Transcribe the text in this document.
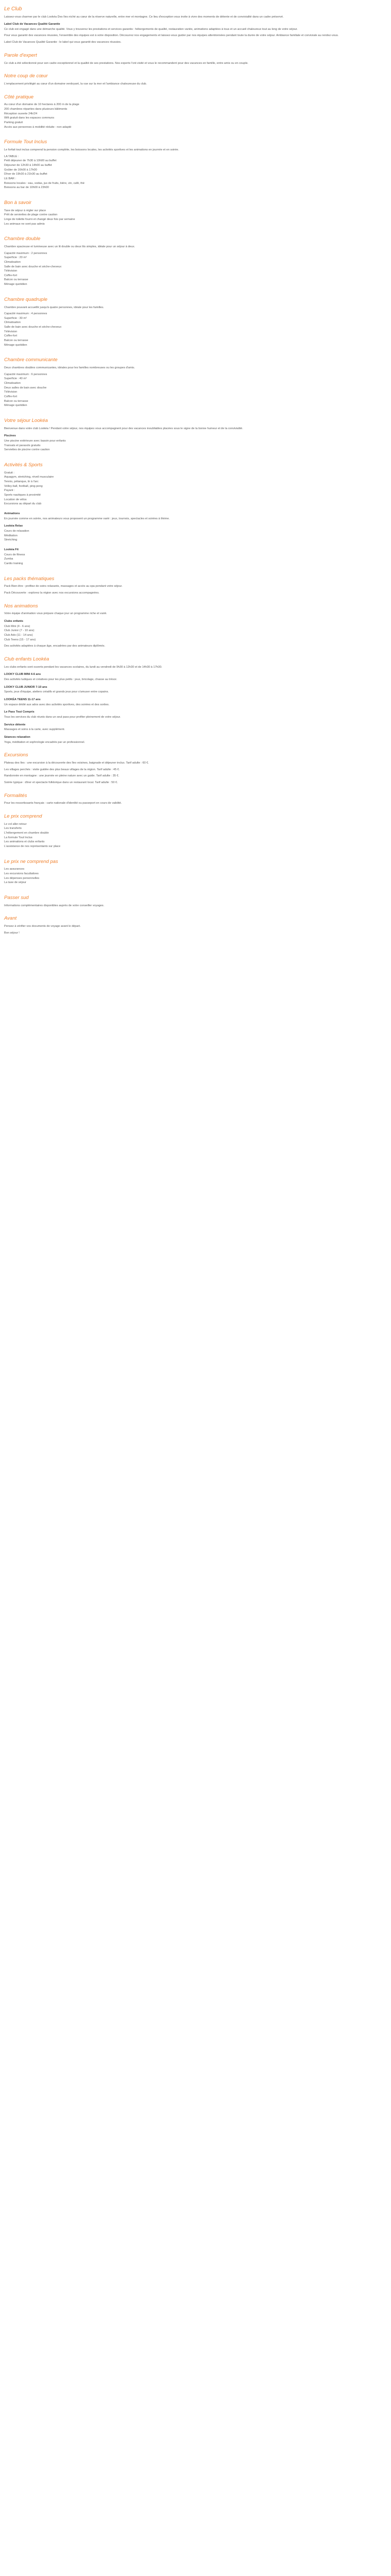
Le Club

Laissez-vous charmer par le club Lookéa Des Iles niché au cœur de la réserve naturelle, entre mer et montagne. Ce lieu d'exception vous invite à vivre des moments de détente et de convivialité dans un cadre préservé.

Label Club de Vacances Qualité Garantie

Ce club est engagé dans une démarche qualité. Vous y trouverez les prestations et services garantis : hébergements de qualité, restauration variée, animations adaptées à tous et un accueil chaleureux tout au long de votre séjour.

Pour vous garantir des vacances réussies, l'ensemble des équipes est à votre disposition. Découvrez nos engagements et laissez-vous guider par nos équipes attentionnées pendant toute la durée de votre séjour. Ambiance familiale et conviviale au rendez-vous.

Label Club de Vacances Qualité Garantie : le label qui vous garantit des vacances réussies.

Parole d'expert

Ce club a été sélectionné pour son cadre exceptionnel et la qualité de ses prestations. Nos experts l'ont visité et vous le recommandent pour des vacances en famille, entre amis ou en couple.

Notre coup de cœur

L'emplacement privilégié au cœur d'un domaine verdoyant, la vue sur la mer et l'ambiance chaleureuse du club.

Côté pratique

Au cœur d'un domaine de 10 hectares à 200 m de la plage

200 chambres réparties dans plusieurs bâtiments

Réception ouverte 24h/24

Wifi gratuit dans les espaces communs

Parking gratuit

Accès aux personnes à mobilité réduite : non adapté

Formule Tout Inclus

Le forfait tout inclus comprend la pension complète, les boissons locales, les activités sportives et les animations en journée et en soirée.

LA TABLE :

Petit déjeuner de 7h30 à 10h00 au buffet

Déjeuner de 12h30 à 14h00 au buffet

Goûter de 16h00 à 17h00

Dîner de 19h30 à 21h30 au buffet

LE BAR :

Boissons locales : eau, sodas, jus de fruits, bière, vin, café, thé

Boissons au bar de 10h00 à 23h00

Bon à savoir

Taxe de séjour à régler sur place

Prêt de serviettes de plage contre caution

Linge de toilette fourni et changé deux fois par semaine

Les animaux ne sont pas admis

Chambre double

Chambre spacieuse et lumineuse avec un lit double ou deux lits simples, idéale pour un séjour à deux.

Capacité maximum : 2 personnes

Superficie : 20 m²

Climatisation

Salle de bain avec douche et sèche-cheveux

Télévision

Coffre-fort

Balcon ou terrasse

Ménage quotidien

Chambre quadruple

Chambre pouvant accueillir jusqu'à quatre personnes, idéale pour les familles.

Capacité maximum : 4 personnes

Superficie : 30 m²

Climatisation

Salle de bain avec douche et sèche-cheveux

Télévision

Coffre-fort

Balcon ou terrasse

Ménage quotidien

Chambre communicante

Deux chambres doubles communicantes, idéales pour les familles nombreuses ou les groupes d'amis.

Capacité maximum : 6 personnes

Superficie : 40 m²

Climatisation

Deux salles de bain avec douche

Télévision

Coffre-fort

Balcon ou terrasse

Ménage quotidien

Votre séjour Lookéa

Bienvenue dans votre club Lookéa ! Pendant votre séjour, nos équipes vous accompagnent pour des vacances inoubliables placées sous le signe de la bonne humeur et de la convivialité.

Piscines

Une piscine extérieure avec bassin pour enfants

Transats et parasols gratuits

Serviettes de piscine contre caution

Activités & Sports

Gratuit :

Aquagym, stretching, réveil musculaire

Tennis, pétanque, tir à l'arc

Volley-ball, football, ping-pong

Payant :

Sports nautiques à proximité

Location de vélos

Excursions au départ du club

Animations

En journée comme en soirée, nos animateurs vous proposent un programme varié : jeux, tournois, spectacles et soirées à thème.

Lookéa Relax

Cours de relaxation

Méditation

Stretching

Lookéa Fit

Cours de fitness

Zumba

Cardio training

Les packs thématiques

Pack Bien-être : profitez de soins relaxants, massages et accès au spa pendant votre séjour.

Pack Découverte : explorez la région avec nos excursions accompagnées.

Nos animations

Votre équipe d'animation vous prépare chaque jour un programme riche et varié.

Clubs enfants

Club Mini (4 - 6 ans)

Club Junior (7 - 10 ans)

Club Ado (11 - 14 ans)

Club Teens (15 - 17 ans)

Des activités adaptées à chaque âge, encadrées par des animateurs diplômés.

Club enfants Lookéa

Les clubs enfants sont ouverts pendant les vacances scolaires, du lundi au vendredi de 9h30 à 12h30 et de 14h30 à 17h30.

LOOKY CLUB MINI 4-6 ans

Des activités ludiques et créatives pour les plus petits : jeux, bricolage, chasse au trésor.

LOOKY CLUB JUNIOR 7-10 ans

Sports, jeux d'équipe, ateliers créatifs et grands jeux pour s'amuser entre copains.

LOOKÉA TEENS 11-17 ans

Un espace dédié aux ados avec des activités sportives, des soirées et des sorties.

Le Pass Tout Compris

Tous les services du club réunis dans un seul pass pour profiter pleinement de votre séjour.

Service détente

Massages et soins à la carte, avec supplément.

Séances relaxation

Yoga, méditation et sophrologie encadrés par un professionnel.

Excursions

Plateau des Iles : une excursion à la découverte des îles voisines, baignade et déjeuner inclus. Tarif adulte : 60 €.

Les villages perchés : visite guidée des plus beaux villages de la région. Tarif adulte : 45 €.

Randonnée en montagne : une journée en pleine nature avec un guide. Tarif adulte : 35 €.

Soirée typique : dîner et spectacle folklorique dans un restaurant local. Tarif adulte : 50 €.

Formalités

Pour les ressortissants français : carte nationale d'identité ou passeport en cours de validité.

Le prix comprend

Le vol aller-retour

Les transferts

L'hébergement en chambre double

La formule Tout Inclus

Les animations et clubs enfants

L'assistance de nos représentants sur place

Le prix ne comprend pas

Les assurances

Les excursions facultatives

Les dépenses personnelles

La taxe de séjour

Passer sud

Informations complémentaires disponibles auprès de votre conseiller voyages.

Avant

Pensez à vérifier vos documents de voyage avant le départ.

Bon séjour !
